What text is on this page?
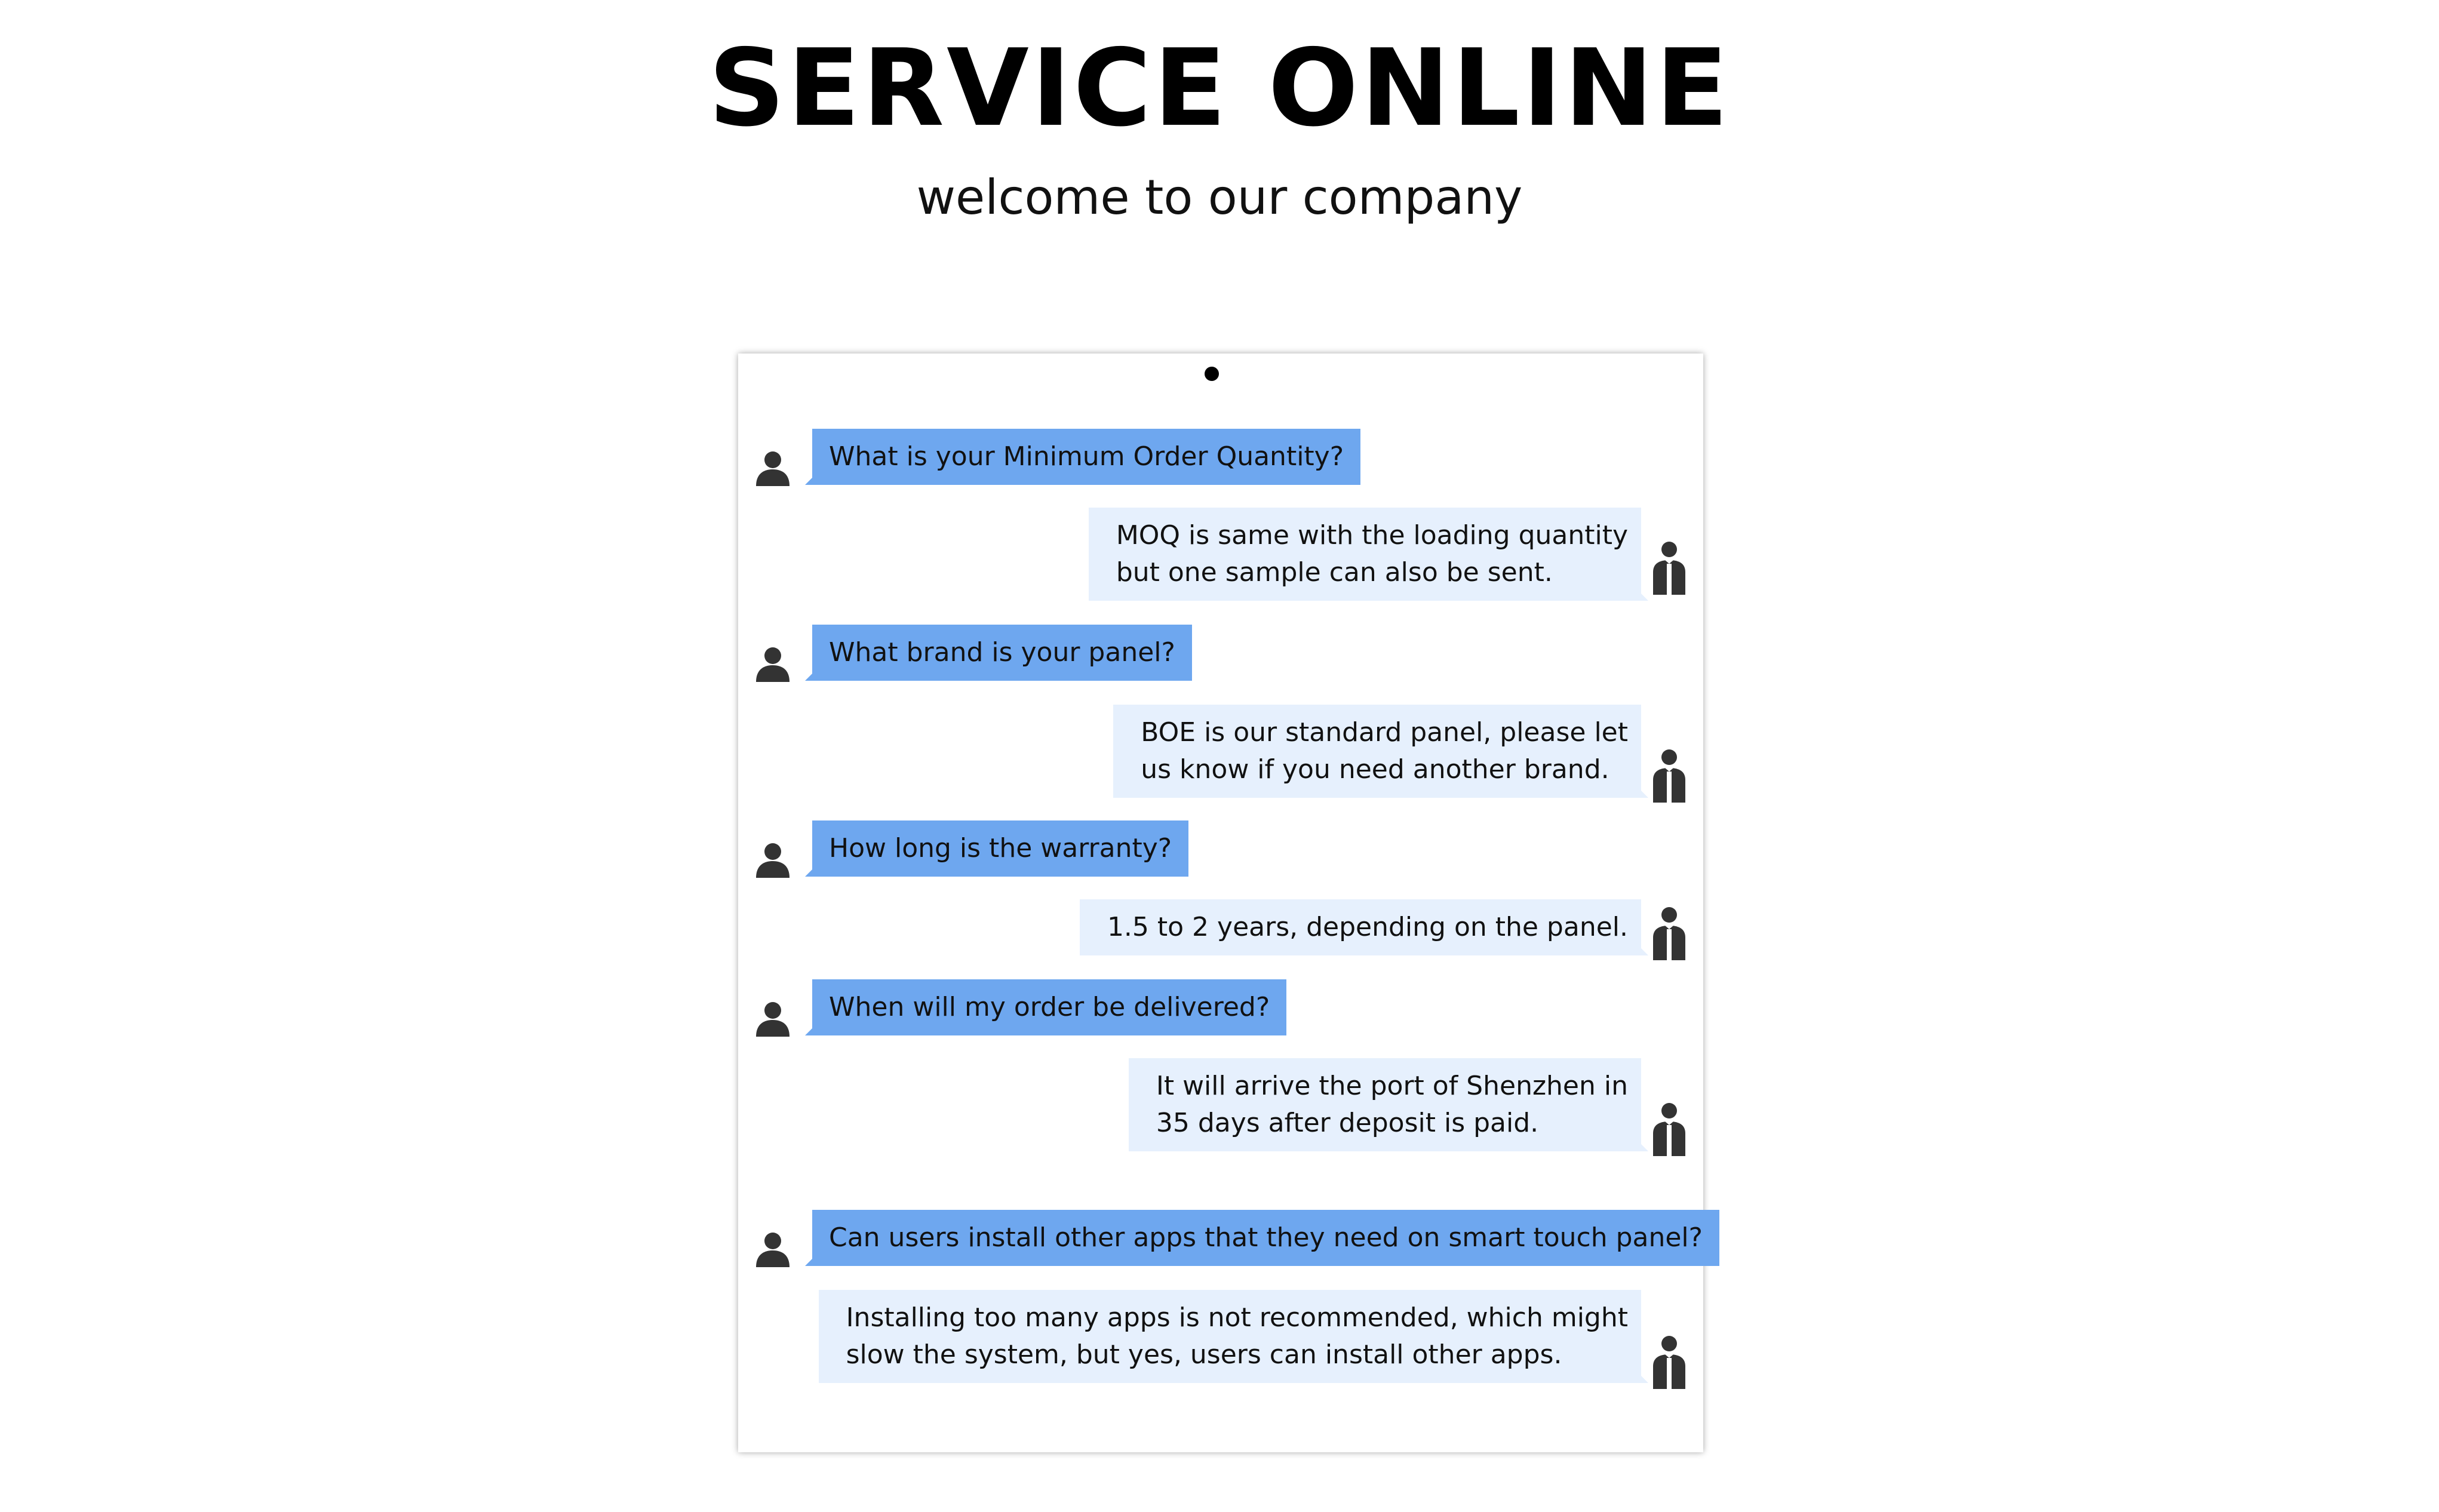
SERVICE ONLINE
welcome to our company
What is your Minimum Order Quantity?
MOQ is same with the loading quantity
but one sample can also be sent.
What brand is your panel?
BOE is our standard panel, please let
us know if you need another brand.
How long is the warranty?
1.5 to 2 years, depending on the panel.
When will my order be delivered?
It will arrive the port of Shenzhen in
35 days after deposit is paid.
Can users install other apps that they need on smart touch panel?
Installing too many apps is not recommended, which might
slow the system, but yes, users can install other apps.
